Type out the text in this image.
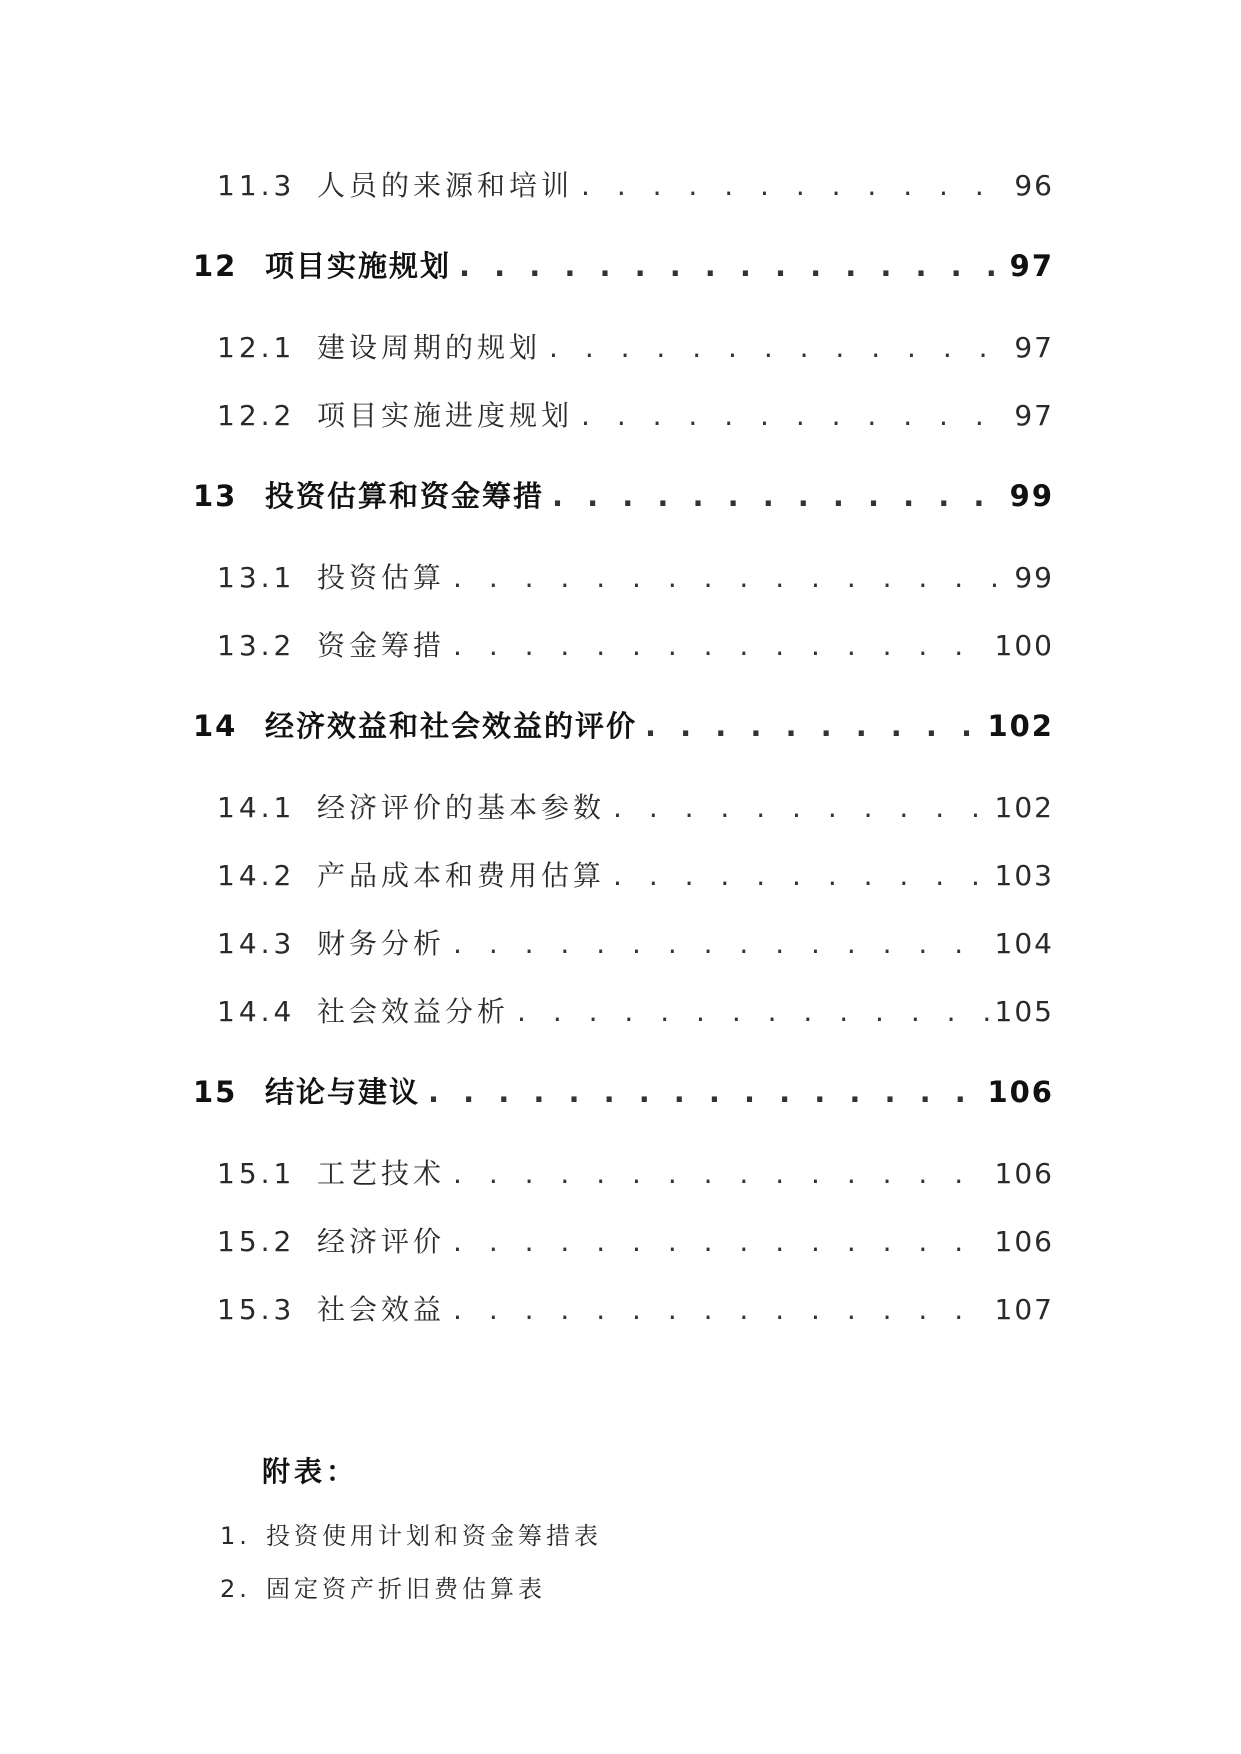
11.3 人员的来源和培训 . . .	96
12 项目实施规划 . . .	97
12.1 建设周期的规划 . . .	97
12.2 项目实施进度规划 . . .	97
13 投资估算和资金筹措 . . .	99
13.1 投资估算 . . .	99
13.2 资金筹措 . . .	100
14 经济效益和社会效益的评价 . . .	102
14.1 经济评价的基本参数 . . .	102
14.2 产品成本和费用估算 . . .	103
14.3 财务分析 . . .	104
14.4 社会效益分析 . . .	105
15 结论与建议 . . .	106
15.1 工艺技术 . . .	106
15.2 经济评价 . . .	106
15.3 社会效益 . . .	107
附表：
1. 投资使用计划和资金筹措表
2. 固定资产折旧费估算表
